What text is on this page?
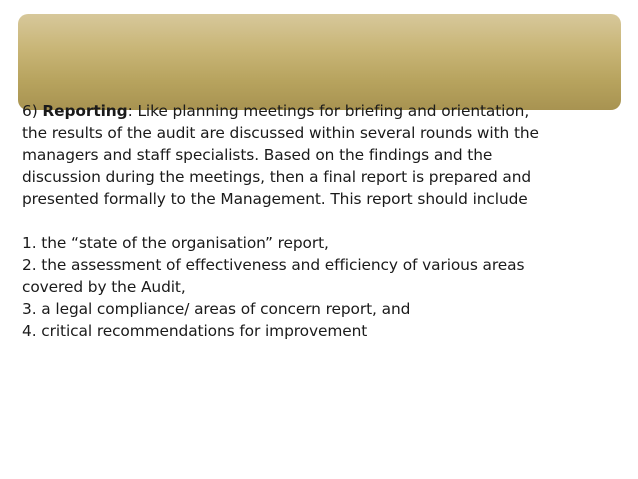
6) Reporting: Like planning meetings for briefing and orientation,
the results of the audit are discussed within several rounds with the
managers and staff specialists. Based on the findings and the
discussion during the meetings, then a final report is prepared and
presented formally to the Management. This report should include
1. the “state of the organisation” report,
2. the assessment of effectiveness and efficiency of various areas
covered by the Audit,
3. a legal compliance/ areas of concern report, and
4. critical recommendations for improvement
